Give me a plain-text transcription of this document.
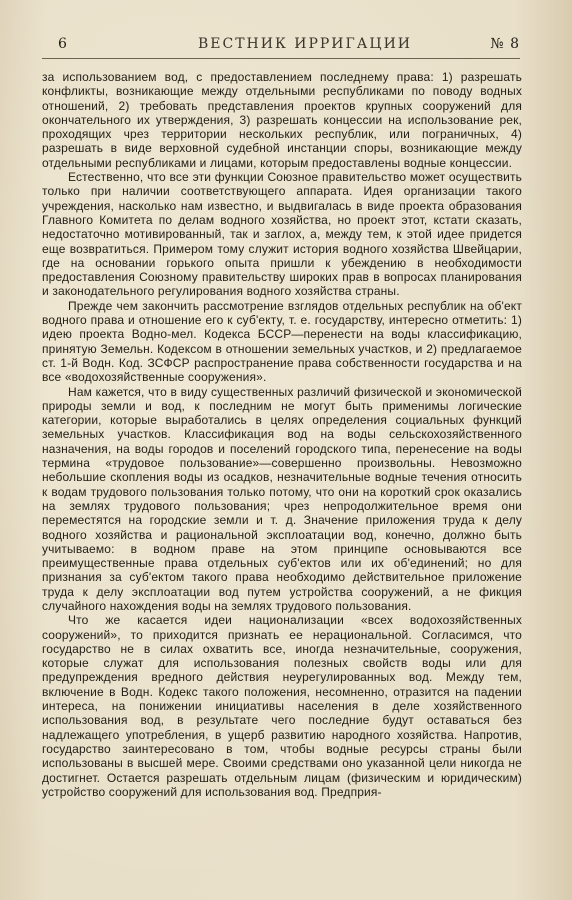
6	ВЕСТНИК ИРРИГАЦИИ	№ 8

за использованием вод, с предоставлением последнему права: 1) разрешать конфликты, возникающие между отдельными республиками по поводу водных отношений, 2) требовать представления проектов крупных сооружений для окончательного их утверждения, 3) разрешать концессии на использование рек, проходящих чрез территории нескольких республик, или пограничных, 4) разрешать в виде верховной судебной инстанции споры, возникающие между отдельными республиками и лицами, которым предоставлены водные концессии.

Естественно, что все эти функции Союзное правительство может осуществить только при наличии соответствующего аппарата. Идея организации такого учреждения, насколько нам известно, и выдвигалась в виде проекта образования Главного Комитета по делам водного хозяйства, но проект этот, кстати сказать, недостаточно мотивированный, так и заглох, а, между тем, к этой идее придется еще возвратиться. Примером тому служит история водного хозяйства Швейцарии, где на основании горького опыта пришли к убеждению в необходимости предоставления Союзному правительству широких прав в вопросах планирования и законодательного регулирования водного хозяйства страны.

Прежде чем закончить рассмотрение взглядов отдельных республик на об'ект водного права и отношение его к суб'екту, т. е. государству, интересно отметить: 1) идею проекта Водно-мел. Кодекса БССР—перенести на воды классификацию, принятую Земельн. Кодексом в отношении земельных участков, и 2) предлагаемое ст. 1-й Водн. Код. ЗСФСР распространение права собственности государства и на все «водохозяйственные сооружения».

Нам кажется, что в виду существенных различий физической и экономической природы земли и вод, к последним не могут быть применимы логические категории, которые выработались в целях определения социальных функций земельных участков. Классификация вод на воды сельскохозяйственного назначения, на воды городов и поселений городского типа, перенесение на воды термина «трудовое пользование»—совершенно произвольны. Невозможно небольшие скопления воды из осадков, незначительные водные течения относить к водам трудового пользования только потому, что они на короткий срок оказались на землях трудового пользования; чрез непродолжительное время они переместятся на городские земли и т. д. Значение приложения труда к делу водного хозяйства и рациональной эксплоатации вод, конечно, должно быть учитываемо: в водном праве на этом принципе основываются все преимущественные права отдельных суб'ектов или их об'единений; но для признания за суб'ектом такого права необходимо действительное приложение труда к делу эксплоатации вод путем устройства сооружений, а не фикция случайного нахождения воды на землях трудового пользования.

Что же касается идеи национализации «всех водохозяйственных сооружений», то приходится признать ее нерациональной. Согласимся, что государство не в силах охватить все, иногда незначительные, сооружения, которые служат для использования полезных свойств воды или для предупреждения вредного действия неурегулированных вод. Между тем, включение в Водн. Кодекс такого положения, несомненно, отразится на падении интереса, на понижении инициативы населения в деле хозяйственного использования вод, в результате чего последние будут оставаться без надлежащего употребления, в ущерб развитию народного хозяйства. Напротив, государство заинтересовано в том, чтобы водные ресурсы страны были использованы в высшей мере. Своими средствами оно указанной цели никогда не достигнет. Остается разрешать отдельным лицам (физическим и юридическим) устройство сооружений для использования вод. Предприя-
